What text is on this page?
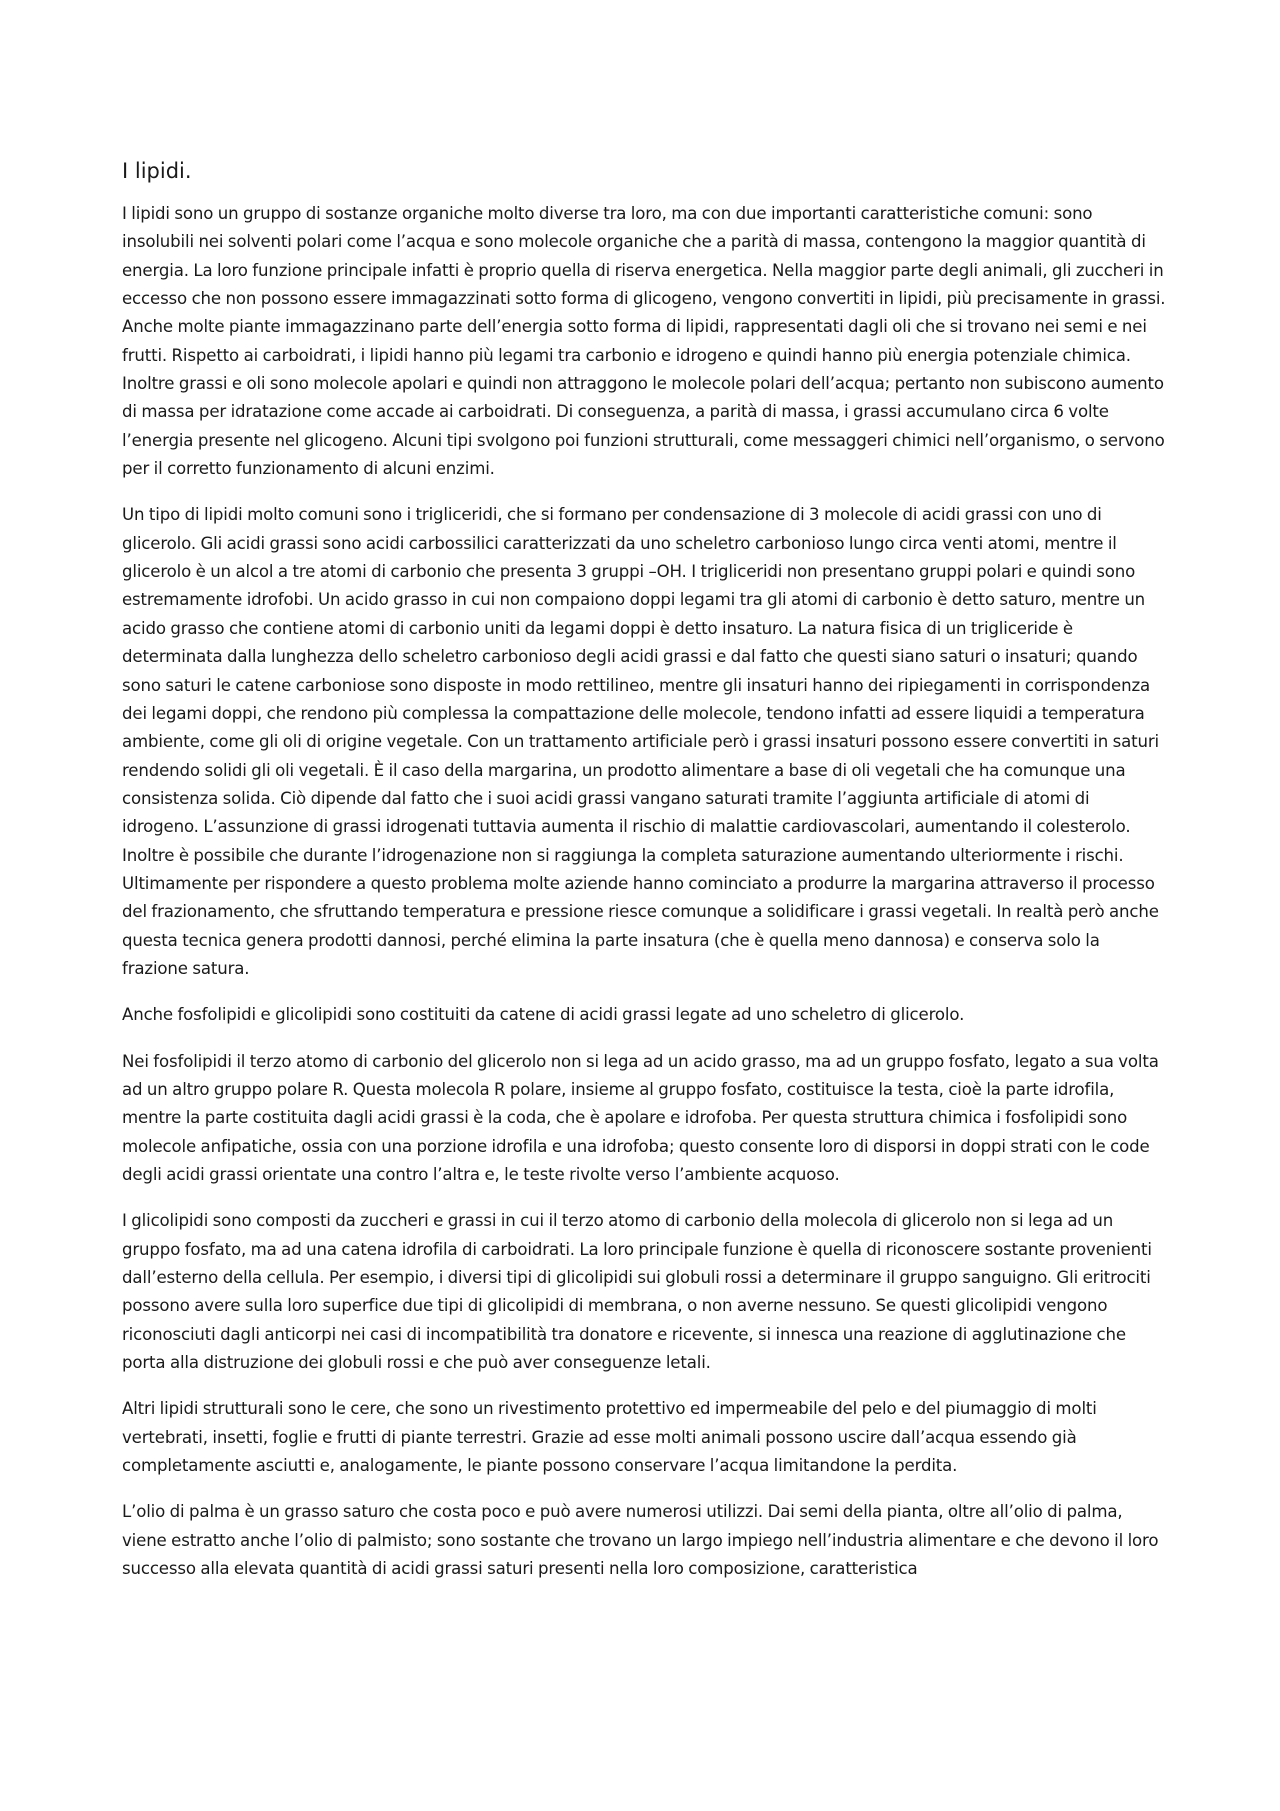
I lipidi.

I lipidi sono un gruppo di sostanze organiche molto diverse tra loro, ma con due importanti caratteristiche comuni: sono insolubili nei solventi polari come l’acqua e sono molecole organiche che a parità di massa, contengono la maggior quantità di energia. La loro funzione principale infatti è proprio quella di riserva energetica. Nella maggior parte degli animali, gli zuccheri in eccesso che non possono essere immagazzinati sotto forma di glicogeno, vengono convertiti in lipidi, più precisamente in grassi. Anche molte piante immagazzinano parte dell’energia sotto forma di lipidi, rappresentati dagli oli che si trovano nei semi e nei frutti. Rispetto ai carboidrati, i lipidi hanno più legami tra carbonio e idrogeno e quindi hanno più energia potenziale chimica. Inoltre grassi e oli sono molecole apolari e quindi non attraggono le molecole polari dell’acqua; pertanto non subiscono aumento di massa per idratazione come accade ai carboidrati. Di conseguenza, a parità di massa, i grassi accumulano circa 6 volte l’energia presente nel glicogeno. Alcuni tipi svolgono poi funzioni strutturali, come messaggeri chimici nell’organismo, o servono per il corretto funzionamento di alcuni enzimi.

Un tipo di lipidi molto comuni sono i trigliceridi, che si formano per condensazione di 3 molecole di acidi grassi con uno di glicerolo. Gli acidi grassi sono acidi carbossilici caratterizzati da uno scheletro carbonioso lungo circa venti atomi, mentre il glicerolo è un alcol a tre atomi di carbonio che presenta 3 gruppi –OH. I trigliceridi non presentano gruppi polari e quindi sono estremamente idrofobi. Un acido grasso in cui non compaiono doppi legami tra gli atomi di carbonio è detto saturo, mentre un acido grasso che contiene atomi di carbonio uniti da legami doppi è detto insaturo. La natura fisica di un trigliceride è determinata dalla lunghezza dello scheletro carbonioso degli acidi grassi e dal fatto che questi siano saturi o insaturi; quando sono saturi le catene carboniose sono disposte in modo rettilineo, mentre gli insaturi hanno dei ripiegamenti in corrispondenza dei legami doppi, che rendono più complessa la compattazione delle molecole, tendono infatti ad essere liquidi a temperatura ambiente, come gli oli di origine vegetale. Con un trattamento artificiale però i grassi insaturi possono essere convertiti in saturi rendendo solidi gli oli vegetali. È il caso della margarina, un prodotto alimentare a base di oli vegetali che ha comunque una consistenza solida. Ciò dipende dal fatto che i suoi acidi grassi vangano saturati tramite l’aggiunta artificiale di atomi di idrogeno. L’assunzione di grassi idrogenati tuttavia aumenta il rischio di malattie cardiovascolari, aumentando il colesterolo. Inoltre è possibile che durante l’idrogenazione non si raggiunga la completa saturazione aumentando ulteriormente i rischi. Ultimamente per rispondere a questo problema molte aziende hanno cominciato a produrre la margarina attraverso il processo del frazionamento, che sfruttando temperatura e pressione riesce comunque a solidificare i grassi vegetali. In realtà però anche questa tecnica genera prodotti dannosi, perché elimina la parte insatura (che è quella meno dannosa) e conserva solo la frazione satura.

Anche fosfolipidi e glicolipidi sono costituiti da catene di acidi grassi legate ad uno scheletro di glicerolo.

Nei fosfolipidi il terzo atomo di carbonio del glicerolo non si lega ad un acido grasso, ma ad un gruppo fosfato, legato a sua volta ad un altro gruppo polare R. Questa molecola R polare, insieme al gruppo fosfato, costituisce la testa, cioè la parte idrofila, mentre la parte costituita dagli acidi grassi è la coda, che è apolare e idrofoba. Per questa struttura chimica i fosfolipidi sono molecole anfipatiche, ossia con una porzione idrofila e una idrofoba; questo consente loro di disporsi in doppi strati con le code degli acidi grassi orientate una contro l’altra e, le teste rivolte verso l’ambiente acquoso.

I glicolipidi sono composti da zuccheri e grassi in cui il terzo atomo di carbonio della molecola di glicerolo non si lega ad un gruppo fosfato, ma ad una catena idrofila di carboidrati. La loro principale funzione è quella di riconoscere sostante provenienti dall’esterno della cellula. Per esempio, i diversi tipi di glicolipidi sui globuli rossi a determinare il gruppo sanguigno. Gli eritrociti possono avere sulla loro superfice due tipi di glicolipidi di membrana, o non averne nessuno. Se questi glicolipidi vengono riconosciuti dagli anticorpi nei casi di incompatibilità tra donatore e ricevente, si innesca una reazione di agglutinazione che porta alla distruzione dei globuli rossi e che può aver conseguenze letali.

Altri lipidi strutturali sono le cere, che sono un rivestimento protettivo ed impermeabile del pelo e del piumaggio di molti vertebrati, insetti, foglie e frutti di piante terrestri. Grazie ad esse molti animali possono uscire dall’acqua essendo già completamente asciutti e, analogamente, le piante possono conservare l’acqua limitandone la perdita.

L’olio di palma è un grasso saturo che costa poco e può avere numerosi utilizzi. Dai semi della pianta, oltre all’olio di palma, viene estratto anche l’olio di palmisto; sono sostante che trovano un largo impiego nell’industria alimentare e che devono il loro successo alla elevata quantità di acidi grassi saturi presenti nella loro composizione, caratteristica
